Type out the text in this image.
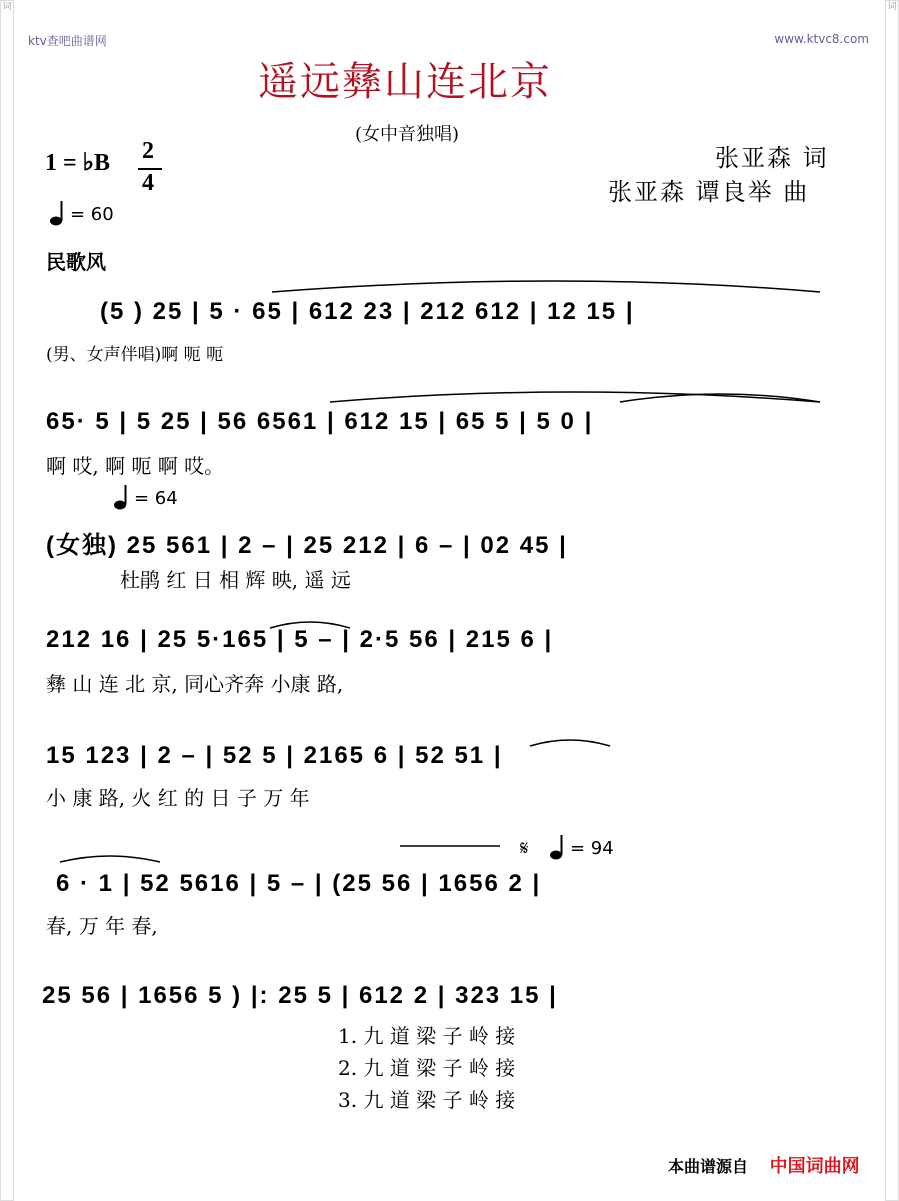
词	词
ktv查吧曲谱网	www.ktvc8.com
遥远彝山连北京
(女中音独唱)
张亚森 词
张亚森 谭良举 曲
1 = ♭B 2
4
= 60
民歌风
(5 ) 25 | 5 · 65 | 612 23 | 212 612 | 12 15 |
(男、女声伴唱)啊 呃 呃
65· 5 | 5 25 | 56 6561 | 612 15 | 65 5 | 5 0 |
啊 哎, 啊 呃 啊 哎。
= 64
(女独) 25 561 | 2 – | 25 212 | 6 – | 02 45 |
杜鹃 红 日 相 辉 映, 遥 远
212 16 | 25 5·165 | 5 – | 2·5 56 | 215 6 |
彝 山 连 北 京, 同心齐奔 小康 路,
15 123 | 2 – | 52 5 | 2165 6 | 52 51 |
小 康 路, 火 红 的 日 子 万 年
𝄋 = 94
6 · 1 | 52 5616 | 5 – | (25 56 | 1656 2 |
春, 万 年 春,
25 56 | 1656 5 ) |: 25 5 | 612 2 | 323 15 |
1. 九 道 梁 子 岭 接
2. 九 道 梁 子 岭 接
3. 九 道 梁 子 岭 接
本曲谱源自 中国词曲网
